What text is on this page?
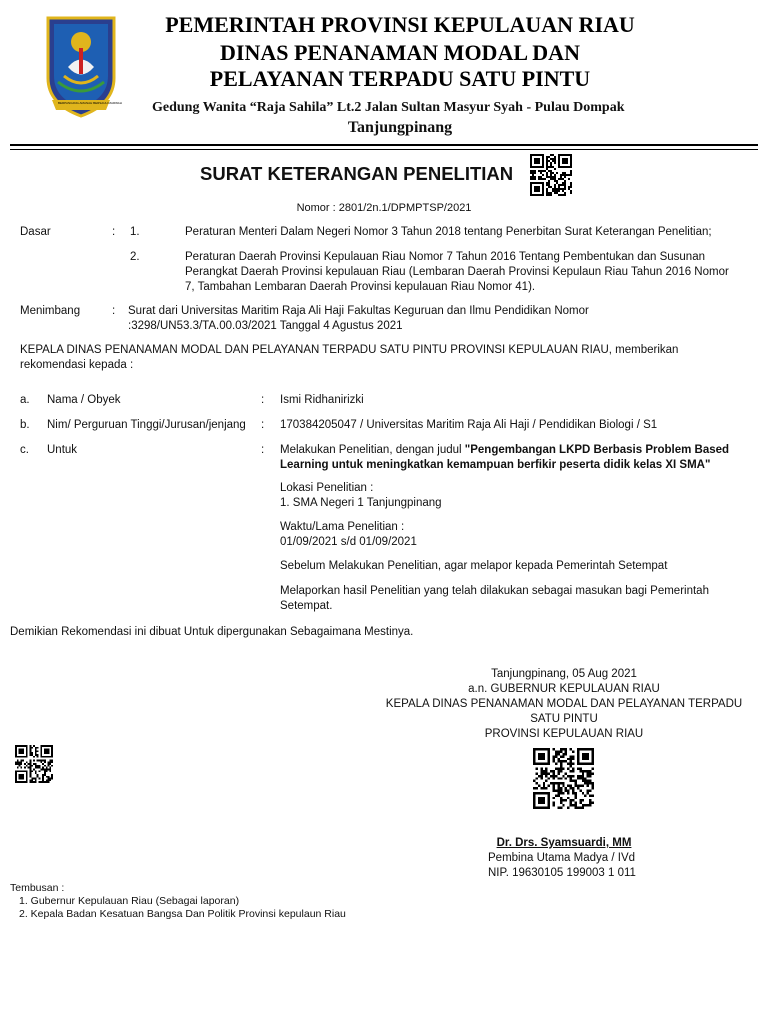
BERPANCANG AMANAH BERSAUH MARWAH
PEMERINTAH PROVINSI KEPULAUAN RIAU
DINAS PENANAMAN MODAL DAN
PELAYANAN TERPADU SATU PINTU
Gedung Wanita “Raja Sahila” Lt.2 Jalan Sultan Masyur Syah - Pulau Dompak
Tanjungpinang
SURAT KETERANGAN PENELITIAN
Nomor : 2801/2n.1/DPMPTSP/2021
Dasar	: 1.	Peraturan Menteri Dalam Negeri Nomor 3 Tahun 2018 tentang Penerbitan Surat Keterangan Penelitian;
2.	Peraturan Daerah Provinsi Kepulauan Riau Nomor 7 Tahun 2016 Tentang Pembentukan dan Susunan
Perangkat Daerah Provinsi kepulauan Riau (Lembaran Daerah Provinsi Kepulaun Riau Tahun 2016 Nomor
7, Tambahan Lembaran Daerah Provinsi kepulauan Riau Nomor 41).
Menimbang	: Surat dari Universitas Maritim Raja Ali Haji Fakultas Keguruan dan Ilmu Pendidikan Nomor
:3298/UN53.3/TA.00.03/2021 Tanggal 4 Agustus 2021
KEPALA DINAS PENANAMAN MODAL DAN PELAYANAN TERPADU SATU PINTU PROVINSI KEPULAUAN RIAU, memberikan
rekomendasi kepada :
a. Nama / Obyek	: Ismi Ridhanirizki
b. Nim/ Perguruan Tinggi/Jurusan/jenjang : 170384205047 / Universitas Maritim Raja Ali Haji / Pendidikan Biologi / S1
c. Untuk	: Melakukan Penelitian, dengan judul "Pengembangan LKPD Berbasis Problem Based
Learning untuk meningkatkan kemampuan berfikir peserta didik kelas XI SMA"
Lokasi Penelitian :
1. SMA Negeri 1 Tanjungpinang
Waktu/Lama Penelitian :
01/09/2021 s/d 01/09/2021
Sebelum Melakukan Penelitian, agar melapor kepada Pemerintah Setempat
Melaporkan hasil Penelitian yang telah dilakukan sebagai masukan bagi Pemerintah
Setempat.
Demikian Rekomendasi ini dibuat Untuk dipergunakan Sebagaimana Mestinya.
Tanjungpinang, 05 Aug 2021
a.n. GUBERNUR KEPULAUAN RIAU
KEPALA DINAS PENANAMAN MODAL DAN PELAYANAN TERPADU
SATU PINTU
PROVINSI KEPULAUAN RIAU
Dr. Drs. Syamsuardi, MM
Pembina Utama Madya / IVd
NIP. 19630105 199003 1 011
Tembusan :
1. Gubernur Kepulauan Riau (Sebagai laporan)
2. Kepala Badan Kesatuan Bangsa Dan Politik Provinsi kepulaun Riau
